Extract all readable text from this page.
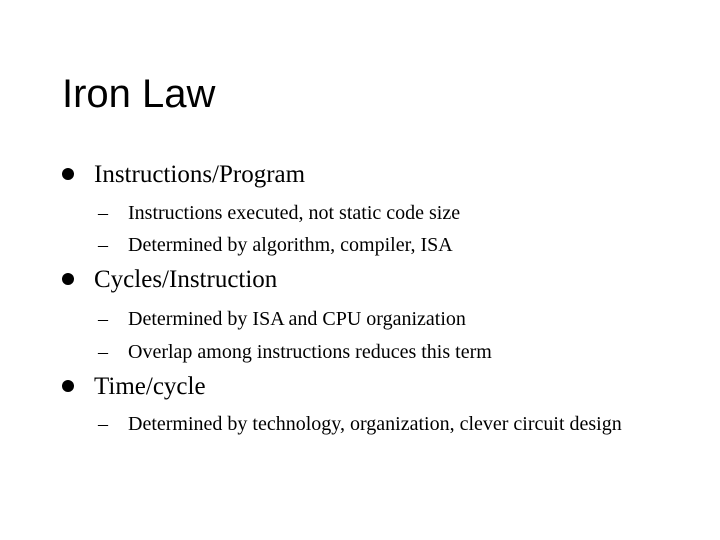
Iron Law
Instructions/Program
– Instructions executed, not static code size
– Determined by algorithm, compiler, ISA
Cycles/Instruction
– Determined by ISA and CPU organization
– Overlap among instructions reduces this term
Time/cycle
– Determined by technology, organization, clever circuit design
